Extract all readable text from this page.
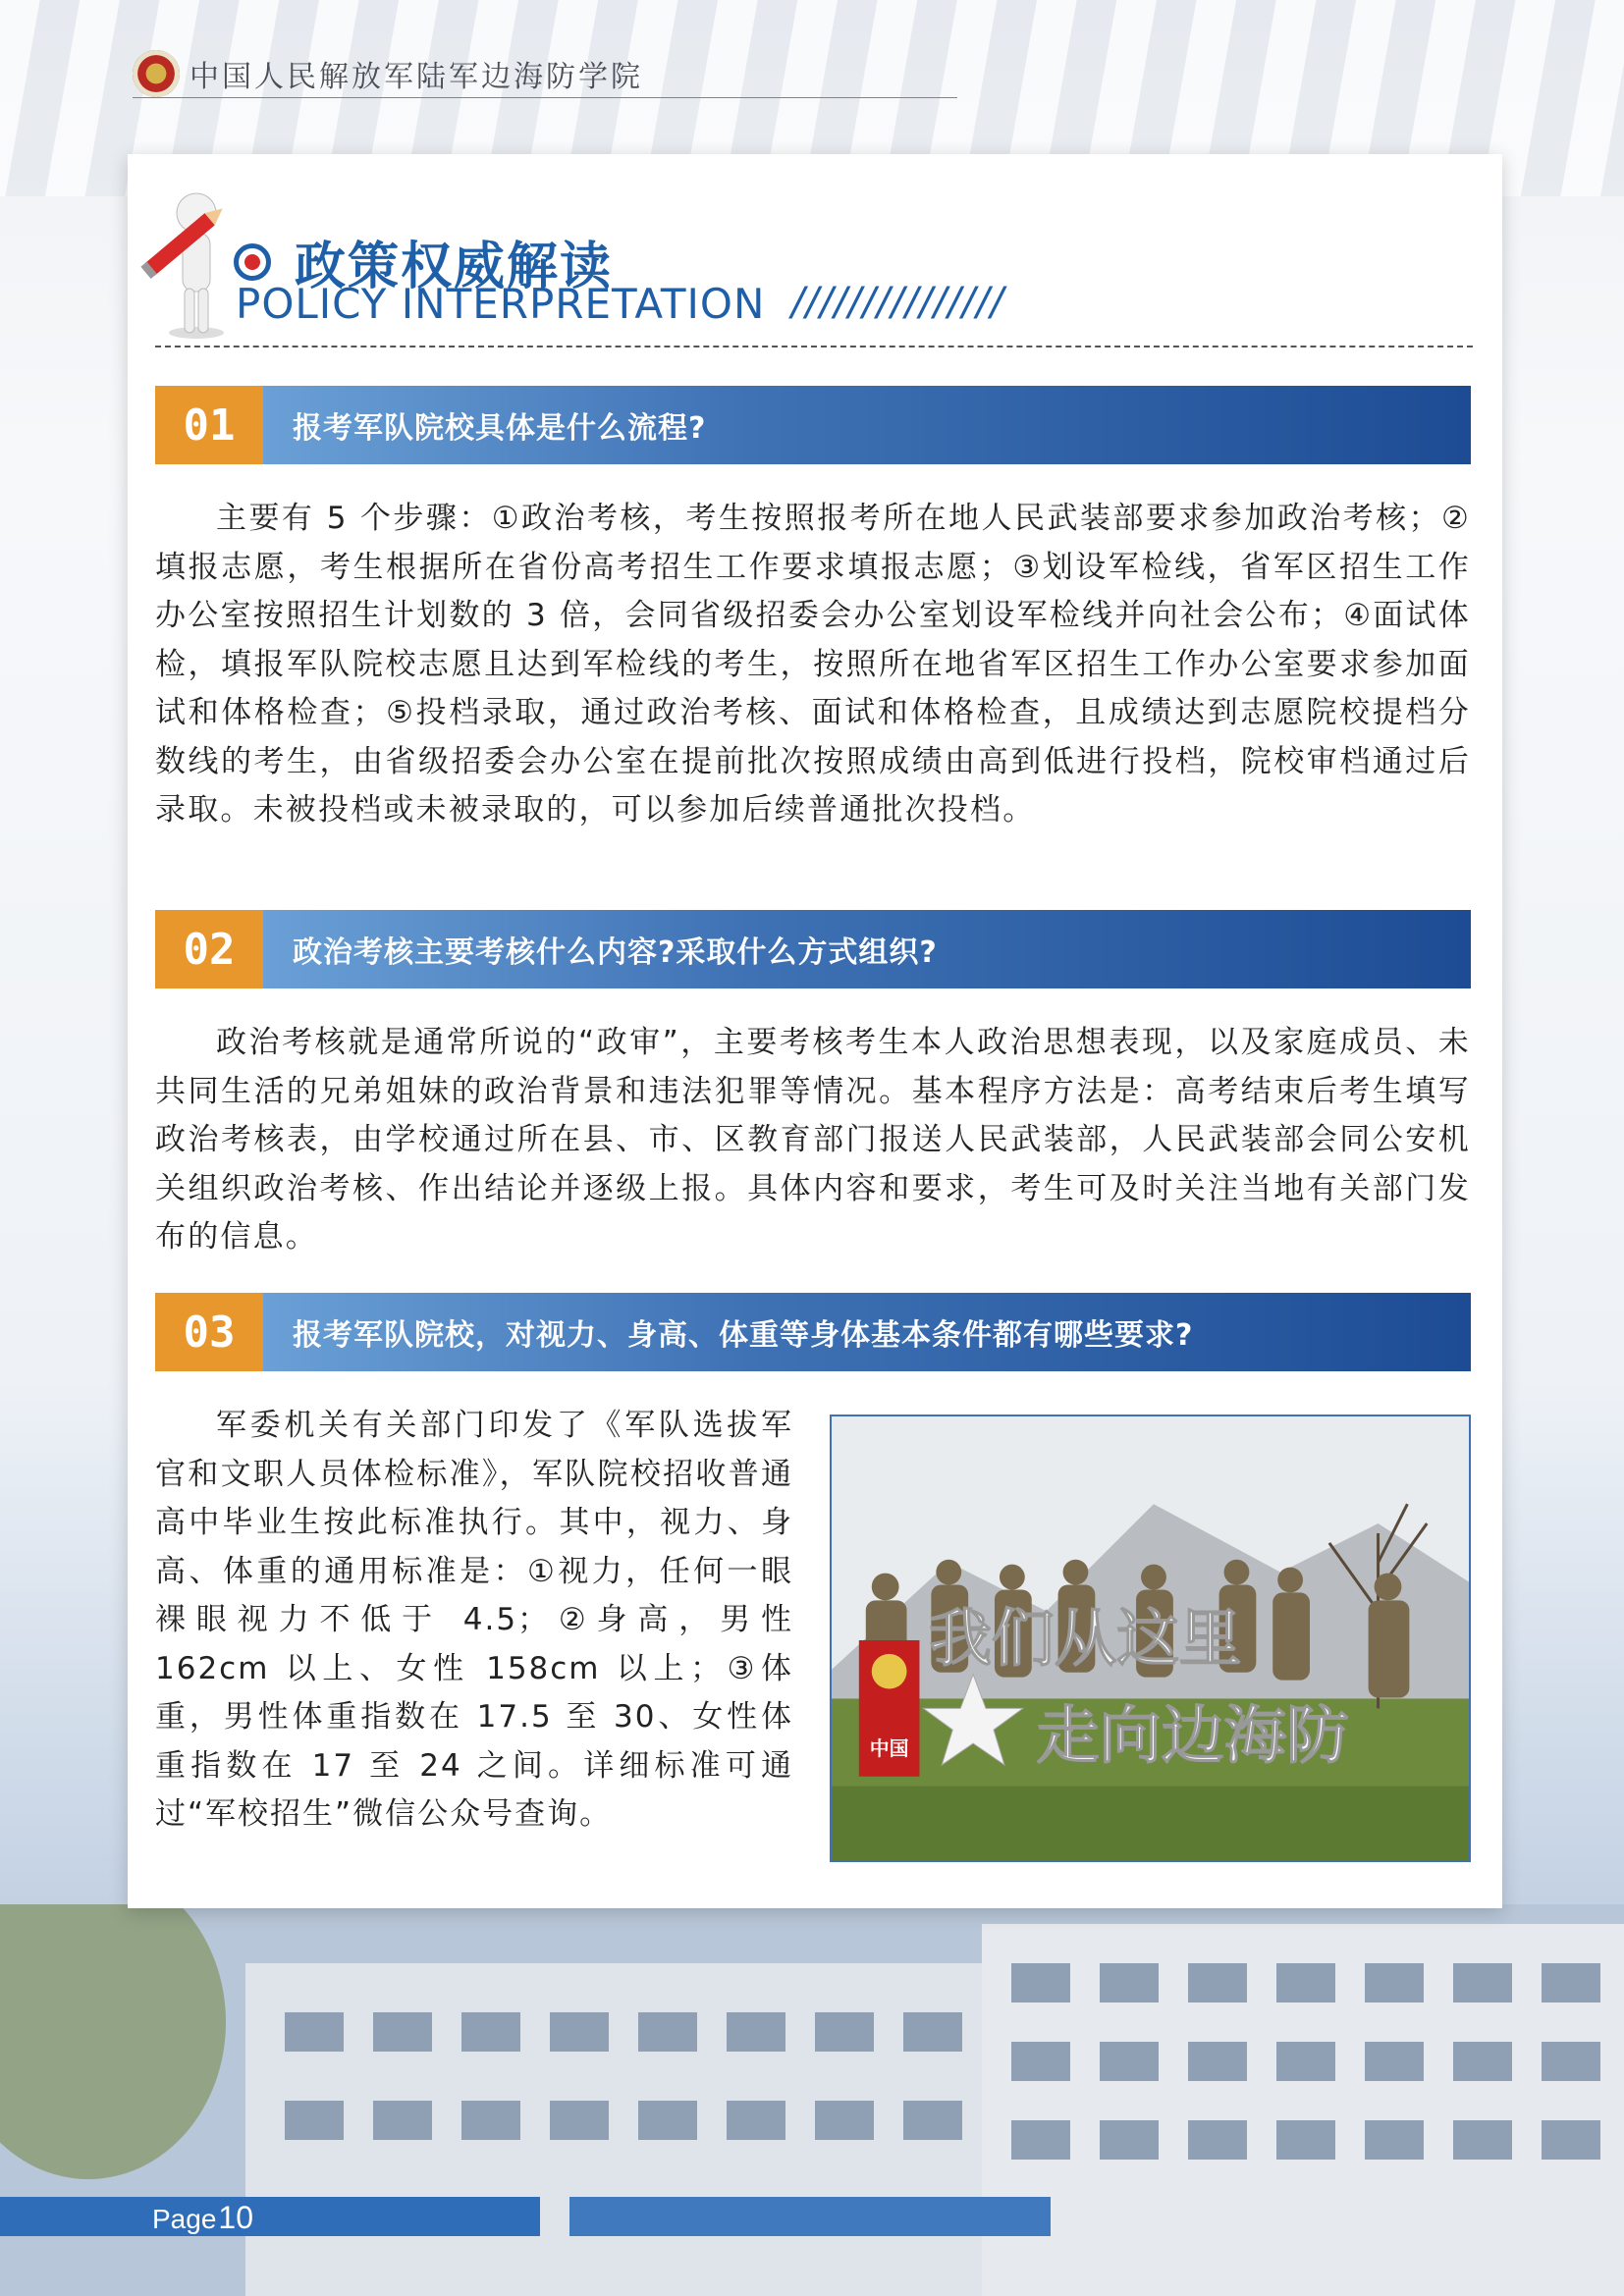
中国人民解放军陆军边海防学院
政策权威解读
POLICY INTERPRETATION ///////////////
01	报考军队院校具体是什么流程?

主要有 5 个步骤：①政治考核，考生按照报考所在地人民武装部要求参加政治考核；②填报志愿，考生根据所在省份高考招生工作要求填报志愿；③划设军检线，省军区招生工作办公室按照招生计划数的 3 倍，会同省级招委会办公室划设军检线并向社会公布；④面试体检，填报军队院校志愿且达到军检线的考生，按照所在地省军区招生工作办公室要求参加面试和体格检查；⑤投档录取，通过政治考核、面试和体格检查，且成绩达到志愿院校提档分数线的考生，由省级招委会办公室在提前批次按照成绩由高到低进行投档，院校审档通过后录取。未被投档或未被录取的，可以参加后续普通批次投档。

02	政治考核主要考核什么内容?采取什么方式组织?

政治考核就是通常所说的“政审”，主要考核考生本人政治思想表现，以及家庭成员、未共同生活的兄弟姐妹的政治背景和违法犯罪等情况。基本程序方法是：高考结束后考生填写政治考核表，由学校通过所在县、市、区教育部门报送人民武装部，人民武装部会同公安机关组织政治考核、作出结论并逐级上报。具体内容和要求，考生可及时关注当地有关部门发布的信息。

03	报考军队院校，对视力、身高、体重等身体基本条件都有哪些要求?

军委机关有关部门印发了《军队选拔军官和文职人员体检标准》，军队院校招收普通高中毕业生按此标准执行。其中，视力、身高、体重的通用标准是：①视力，任何一眼裸眼视力不低于 4.5；②身高，男性 162cm 以上、女性 158cm 以上；③体重，男性体重指数在 17.5 至 30、女性体重指数在 17 至 24 之间。详细标准可通过“军校招生”微信公众号查询。

中国
我们从这里
走向边海防
Page 10
